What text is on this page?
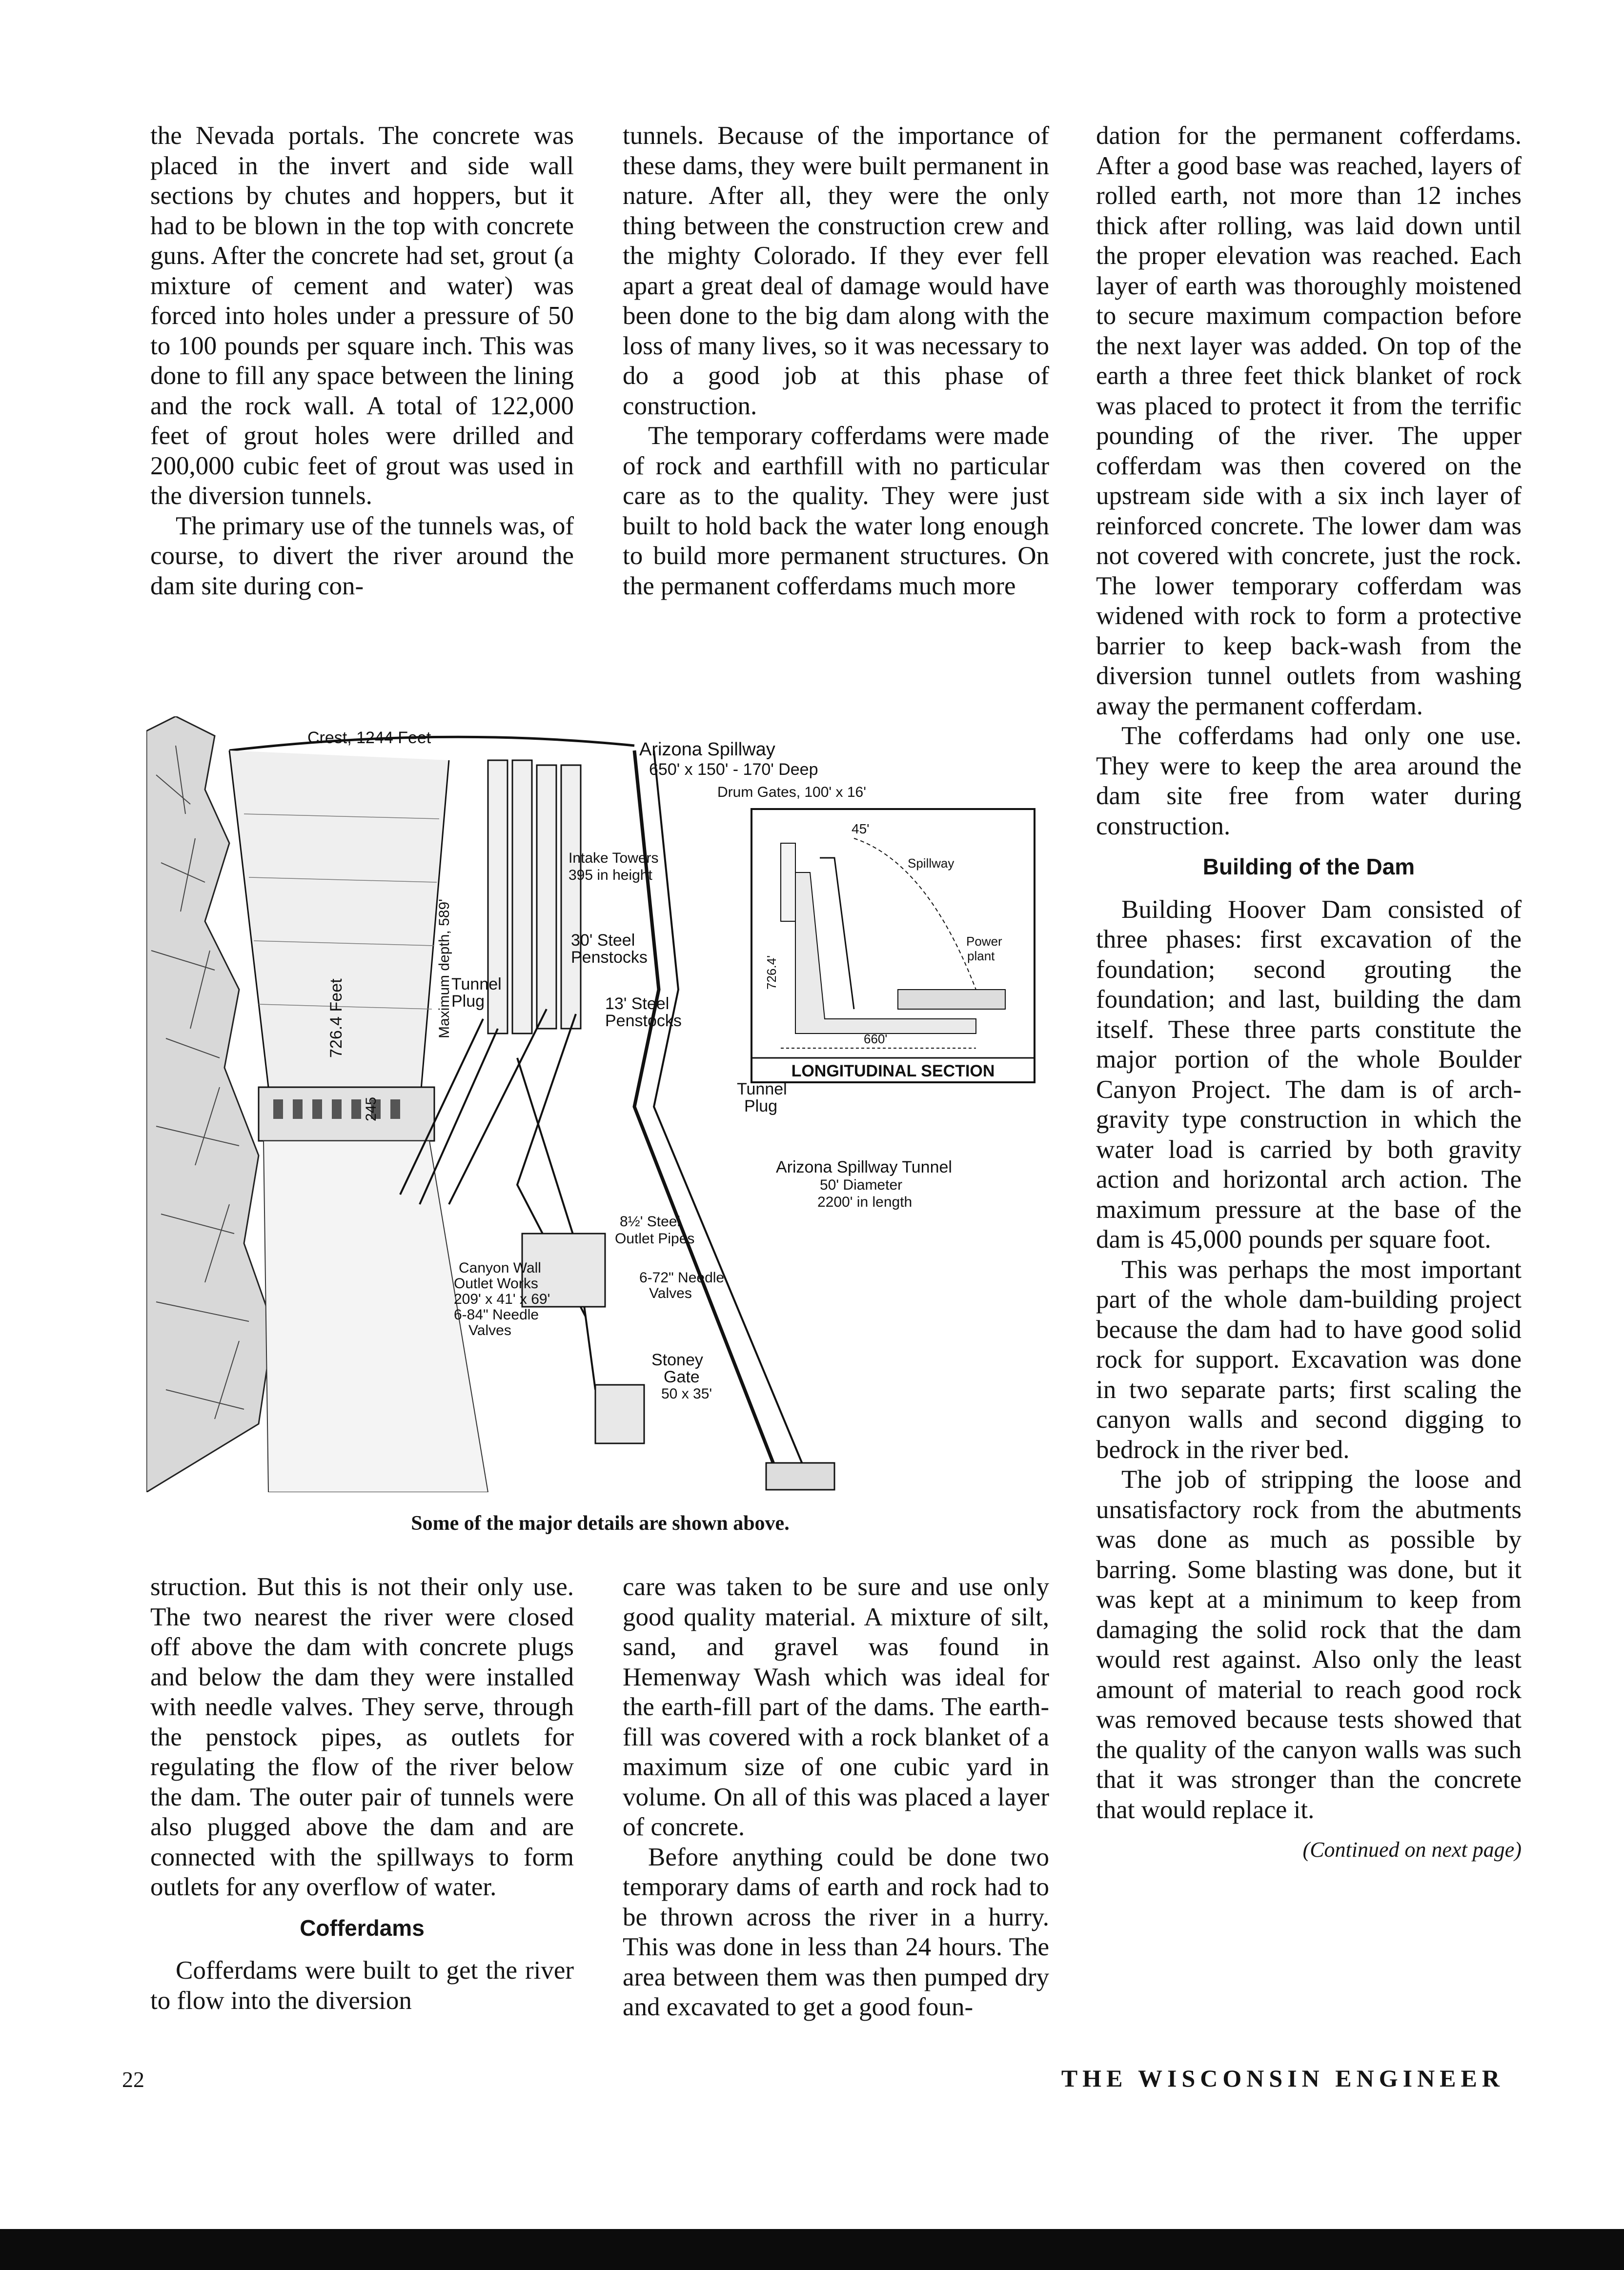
the Nevada portals. The concrete was placed in the invert and side wall sections by chutes and hoppers, but it had to be blown in the top with concrete guns. After the concrete had set, grout (a mixture of cement and water) was forced into holes under a pressure of 50 to 100 pounds per square inch. This was done to fill any space between the lining and the rock wall. A total of 122,000 feet of grout holes were drilled and 200,000 cubic feet of grout was used in the diversion tunnels.

The primary use of the tunnels was, of course, to divert the river around the dam site during con-

tunnels. Because of the importance of these dams, they were built permanent in nature. After all, they were the only thing between the construction crew and the mighty Colorado. If they ever fell apart a great deal of damage would have been done to the big dam along with the loss of many lives, so it was necessary to do a good job at this phase of construction.

The temporary cofferdams were made of rock and earthfill with no particular care as to the quality. They were just built to hold back the water long enough to build more permanent structures. On the permanent cofferdams much more

dation for the permanent cofferdams. After a good base was reached, layers of rolled earth, not more than 12 inches thick after rolling, was laid down until the proper elevation was reached. Each layer of earth was thoroughly moistened to secure maximum compaction before the next layer was added. On top of the earth a three feet thick blanket of rock was placed to protect it from the terrific pounding of the river. The upper cofferdam was then covered on the upstream side with a six inch layer of reinforced concrete. The lower dam was not covered with concrete, just the rock. The lower temporary cofferdam was widened with rock to form a protective barrier to keep back-wash from the diversion tunnel outlets from washing away the permanent cofferdam.

The cofferdams had only one use. They were to keep the area around the dam site free from water during construction.

Building of the Dam

Building Hoover Dam consisted of three phases: first excavation of the foundation; second grouting the foundation; and last, building the dam itself. These three parts constitute the major portion of the whole Boulder Canyon Project. The dam is of arch-gravity type construction in which the water load is carried by both gravity action and horizontal arch action. The maximum pressure at the base of the dam is 45,000 pounds per square foot.

This was perhaps the most important part of the whole dam-building project because the dam had to have good solid rock for support. Excavation was done in two separate parts; first scaling the canyon walls and second digging to bedrock in the river bed.

The job of stripping the loose and unsatisfactory rock from the abutments was done as much as possible by barring. Some blasting was done, but it was kept at a minimum to keep from damaging the solid rock that the dam would rest against. Also only the least amount of material to reach good rock was removed because tests showed that the quality of the canyon walls was such that it was stronger than the concrete that would replace it.

(Continued on next page)

LONGITUDINAL SECTION
45'
Spillway
Power
plant
726.4'
660'
Crest, 1244 Feet
Arizona Spillway
650' x 150' - 170' Deep
Drum Gates, 100' x 16'
Intake Towers
395 in height
726.4 Feet	Maximum depth, 589'	30' Steel
Penstocks
Tunnel
Plug	13' Steel
Penstocks
245
Tunnel
Plug
Arizona Spillway Tunnel
50' Diameter
2200' in length
8½' Steel
Outlet Pipes
Canyon Wall
Outlet Works
209' x 41' x 69'
6-84" Needle
Valves
6-72" Needle
Valves
Stoney
Gate
50 x 35'
Some of the major details are shown above.

struction. But this is not their only use. The two nearest the river were closed off above the dam with concrete plugs and below the dam they were installed with needle valves. They serve, through the penstock pipes, as outlets for regulating the flow of the river below the dam. The outer pair of tunnels were also plugged above the dam and are connected with the spillways to form outlets for any overflow of water.

Cofferdams

Cofferdams were built to get the river to flow into the diversion

care was taken to be sure and use only good quality material. A mixture of silt, sand, and gravel was found in Hemenway Wash which was ideal for the earth-fill part of the dams. The earth-fill was covered with a rock blanket of a maximum size of one cubic yard in volume. On all of this was placed a layer of concrete.

Before anything could be done two temporary dams of earth and rock had to be thrown across the river in a hurry. This was done in less than 24 hours. The area between them was then pumped dry and excavated to get a good foun-

22	THE WISCONSIN ENGINEER
